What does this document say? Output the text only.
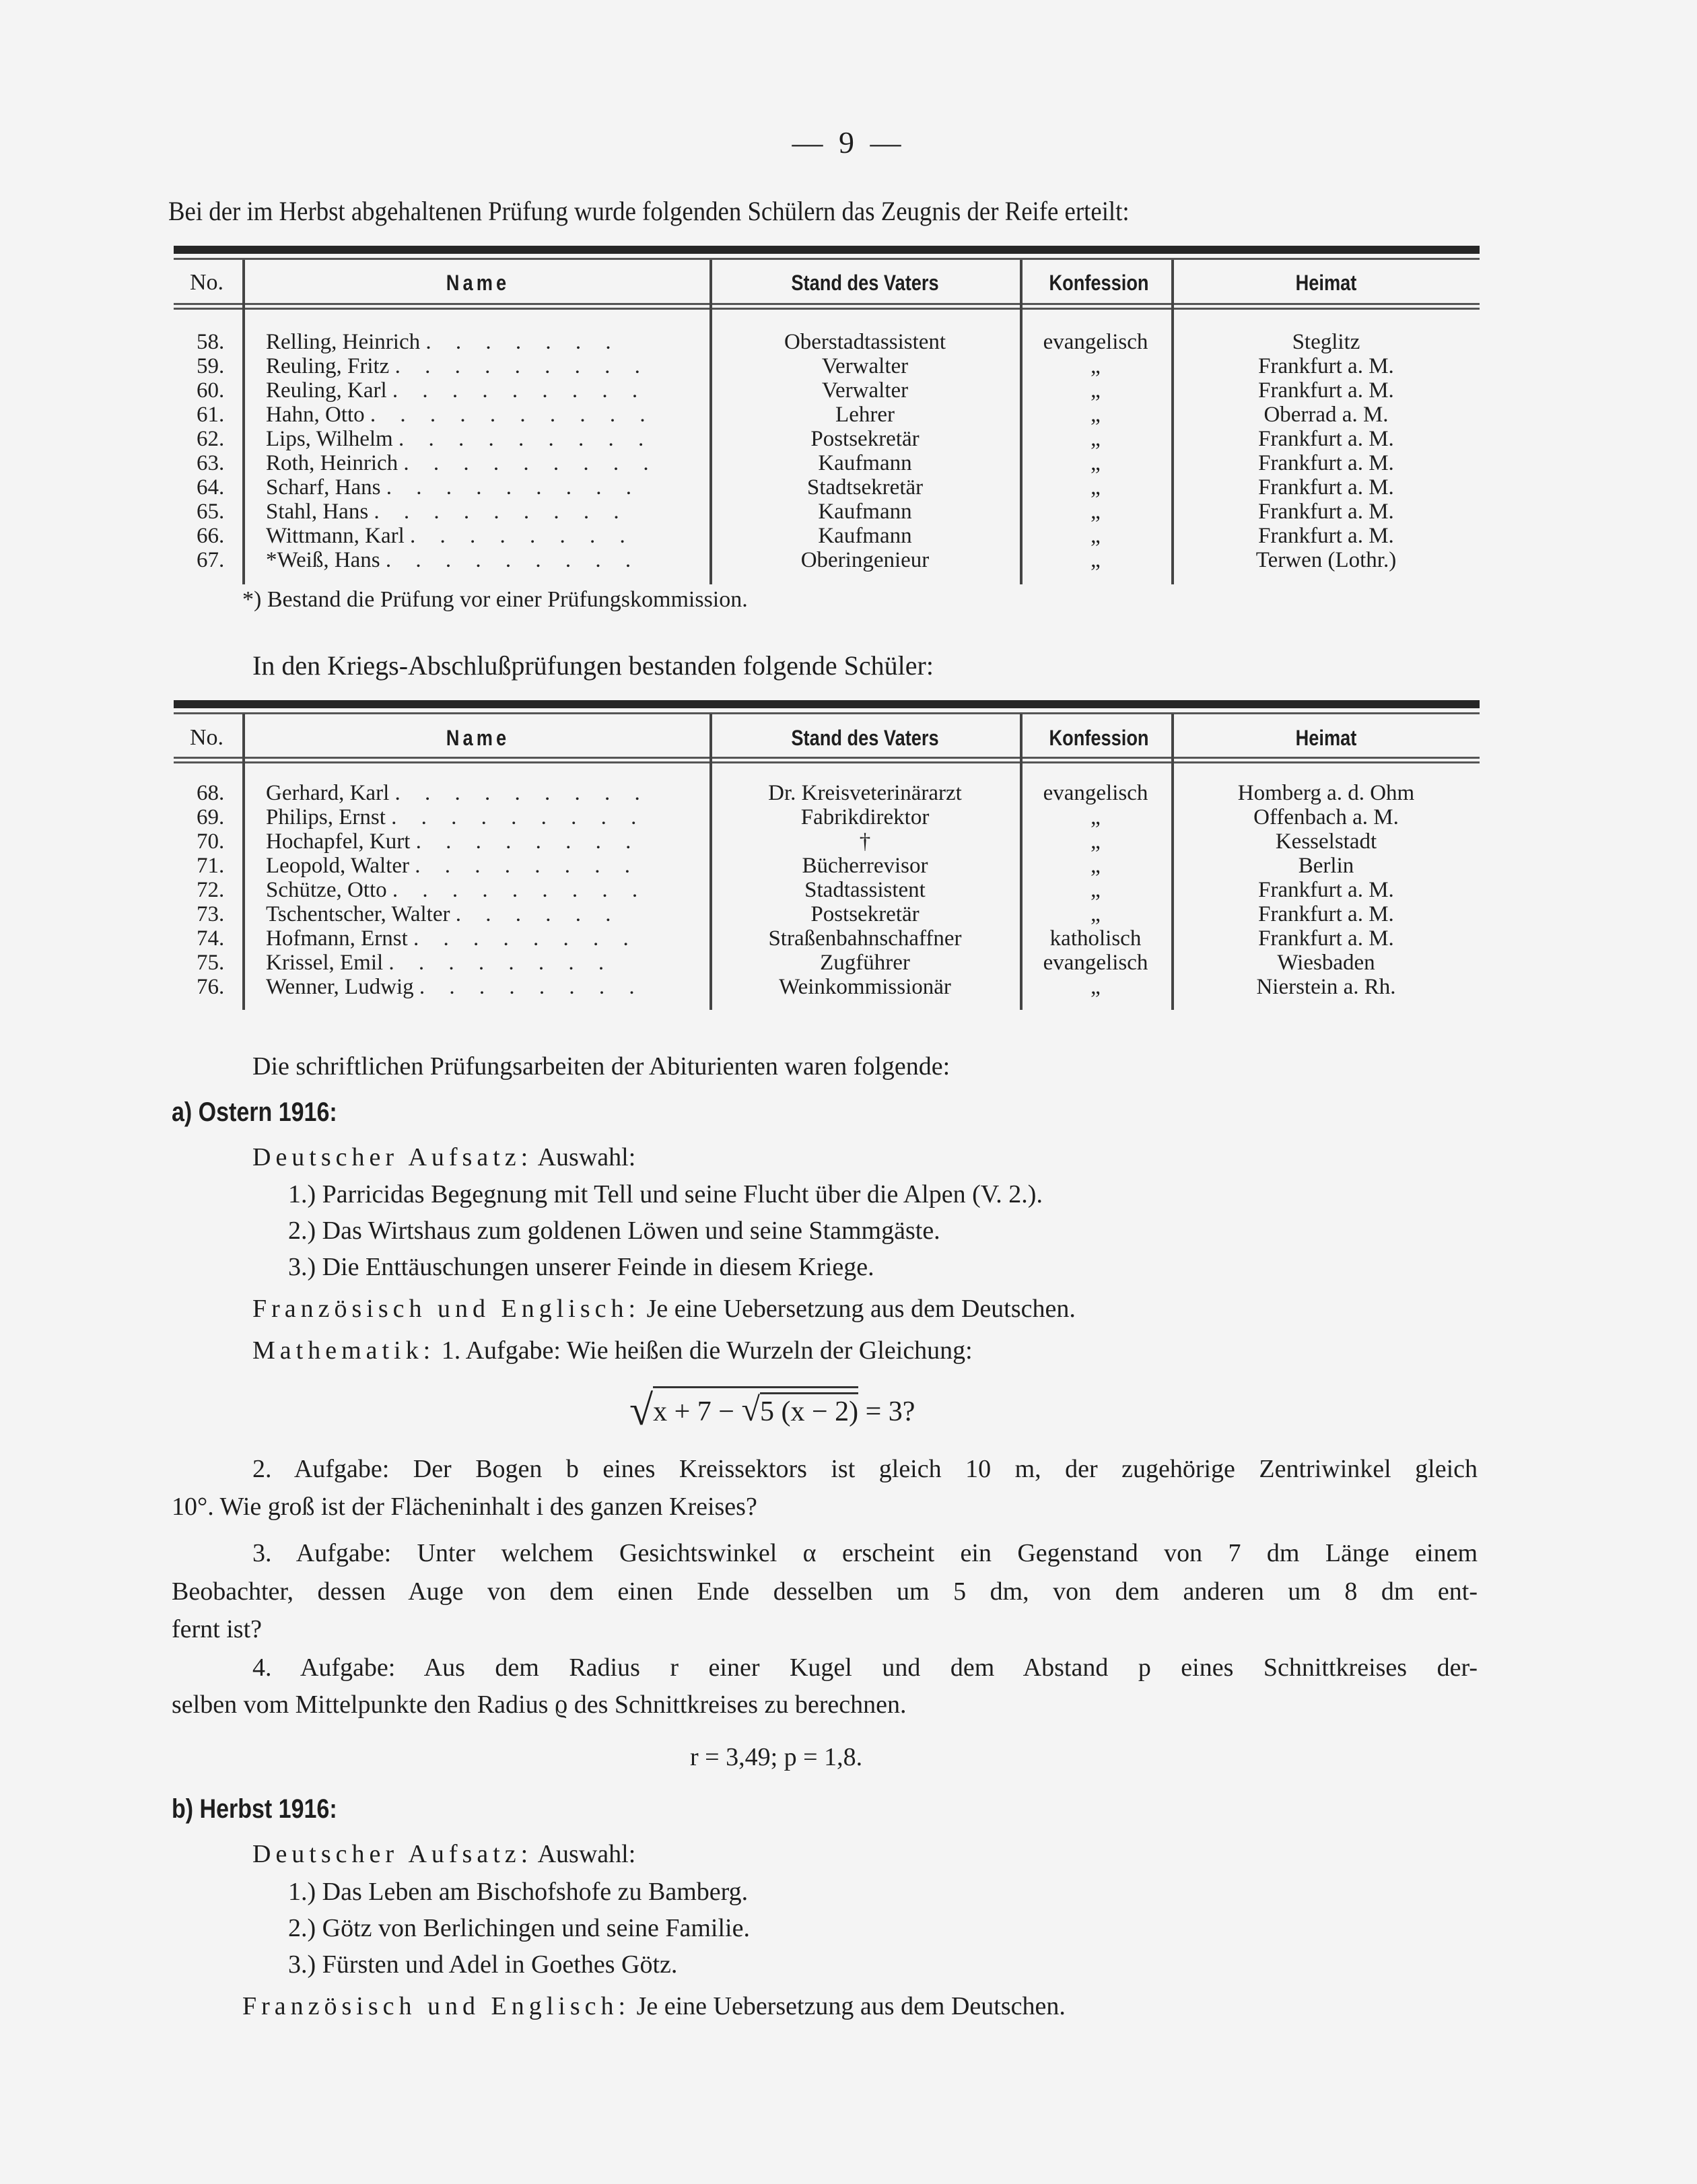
— 9 —
Bei der im Herbst abgehaltenen Prüfung wurde folgenden Schülern das Zeugnis der Reife erteilt:
No.	Name	Stand des Vaters	Konfession	Heimat
58.	Relling, Heinrich . . . . . . .	Oberstadtassistent	evangelisch	Steglitz
59.	Reuling, Fritz . . . . . . . . .	Verwalter	„	Frankfurt a. M.
60.	Reuling, Karl . . . . . . . . .	Verwalter	„	Frankfurt a. M.
61.	Hahn, Otto . . . . . . . . . .	Lehrer	„	Oberrad a. M.
62.	Lips, Wilhelm . . . . . . . . .	Postsekretär	„	Frankfurt a. M.
63.	Roth, Heinrich . . . . . . . . .	Kaufmann	„	Frankfurt a. M.
64.	Scharf, Hans . . . . . . . . .	Stadtsekretär	„	Frankfurt a. M.
65.	Stahl, Hans . . . . . . . . .	Kaufmann	„	Frankfurt a. M.
66.	Wittmann, Karl . . . . . . . .	Kaufmann	„	Frankfurt a. M.
67.	*Weiß, Hans . . . . . . . . .	Oberingenieur	„	Terwen (Lothr.)
*) Bestand die Prüfung vor einer Prüfungskommission.
In den Kriegs-Abschlußprüfungen bestanden folgende Schüler:
No.	Name	Stand des Vaters	Konfession	Heimat
68.	Gerhard, Karl . . . . . . . . .	Dr. Kreisveterinärarzt	evangelisch	Homberg a. d. Ohm
69.	Philips, Ernst . . . . . . . . .	Fabrikdirektor	„	Offenbach a. M.
70.	Hochapfel, Kurt . . . . . . . .	†	„	Kesselstadt
71.	Leopold, Walter . . . . . . . .	Bücherrevisor	„	Berlin
72.	Schütze, Otto . . . . . . . . .	Stadtassistent	„	Frankfurt a. M.
73.	Tschentscher, Walter . . . . . .	Postsekretär	„	Frankfurt a. M.
74.	Hofmann, Ernst . . . . . . . .	Straßenbahnschaffner	katholisch	Frankfurt a. M.
75.	Krissel, Emil . . . . . . . .	Zugführer	evangelisch	Wiesbaden
76.	Wenner, Ludwig . . . . . . . .	Weinkommissionär	„	Nierstein a. Rh.
Die schriftlichen Prüfungsarbeiten der Abiturienten waren folgende:
a) Ostern 1916:
Deutscher Aufsatz: Auswahl:
1.) Parricidas Begegnung mit Tell und seine Flucht über die Alpen (V. 2.).
2.) Das Wirtshaus zum goldenen Löwen und seine Stammgäste.
3.) Die Enttäuschungen unserer Feinde in diesem Kriege.
Französisch und Englisch: Je eine Uebersetzung aus dem Deutschen.
Mathematik: 1. Aufgabe: Wie heißen die Wurzeln der Gleichung:
√x + 7 − √5 (x − 2) = 3?
2. Aufgabe: Der Bogen b eines Kreissektors ist gleich 10 m, der zugehörige Zentriwinkel gleich
10°. Wie groß ist der Flächeninhalt i des ganzen Kreises?
3. Aufgabe: Unter welchem Gesichtswinkel α erscheint ein Gegenstand von 7 dm Länge einem
Beobachter, dessen Auge von dem einen Ende desselben um 5 dm, von dem anderen um 8 dm ent-
fernt ist?
4. Aufgabe: Aus dem Radius r einer Kugel und dem Abstand p eines Schnittkreises der-
selben vom Mittelpunkte den Radius ϱ des Schnittkreises zu berechnen.
r = 3,49; p = 1,8.
b) Herbst 1916:
Deutscher Aufsatz: Auswahl:
1.) Das Leben am Bischofshofe zu Bamberg.
2.) Götz von Berlichingen und seine Familie.
3.) Fürsten und Adel in Goethes Götz.
Französisch und Englisch: Je eine Uebersetzung aus dem Deutschen.
